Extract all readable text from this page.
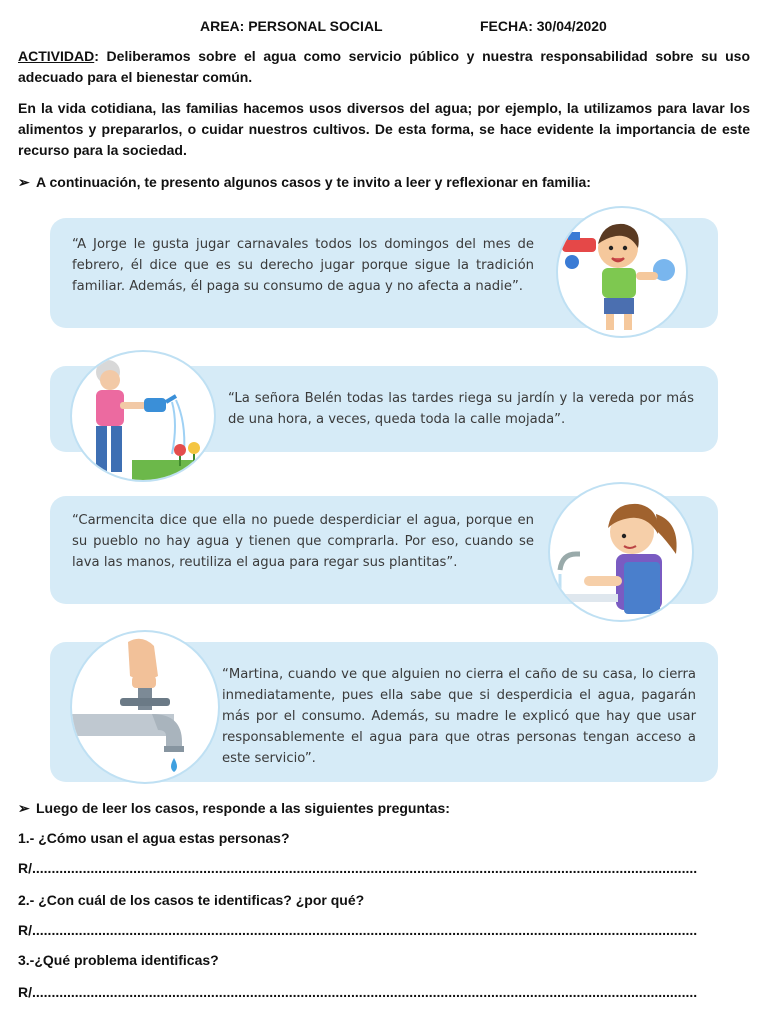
AREA: PERSONAL SOCIAL	FECHA: 30/04/2020
ACTIVIDAD: Deliberamos sobre el agua como servicio público y nuestra responsabilidad sobre su uso adecuado para el bienestar común.
En la vida cotidiana, las familias hacemos usos diversos del agua; por ejemplo, la utilizamos para lavar los alimentos y prepararlos, o cuidar nuestros cultivos. De esta forma, se hace evidente la importancia de este recurso para la sociedad.
➢ A continuación, te presento algunos casos y te invito a leer y reflexionar en familia:
“A Jorge le gusta jugar carnavales todos los domingos del mes de febrero, él dice que es su derecho jugar porque sigue la tradición familiar. Además, él paga su consumo de agua y no afecta a nadie”.
“La señora Belén todas las tardes riega su jardín y la vereda por más de una hora, a veces, queda toda la calle mojada”.
“Carmencita dice que ella no puede desperdiciar el agua, porque en su pueblo no hay agua y tienen que comprarla. Por eso, cuando se lava las manos, reutiliza el agua para regar sus plantitas”.
“Martina, cuando ve que alguien no cierra el caño de su casa, lo cierra inmediatamente, pues ella sabe que si desperdicia el agua, pagarán más por el consumo. Además, su madre le explicó que hay que usar responsablemente el agua para que otras personas tengan acceso a este servicio”.
➢ Luego de leer los casos, responde a las siguientes preguntas:
1.- ¿Cómo usan el agua estas personas?
R/...........................................................................................................................................................................
2.- ¿Con cuál de los casos te identificas? ¿por qué?
R/...........................................................................................................................................................................
3.-¿Qué problema identificas?
R/...........................................................................................................................................................................
